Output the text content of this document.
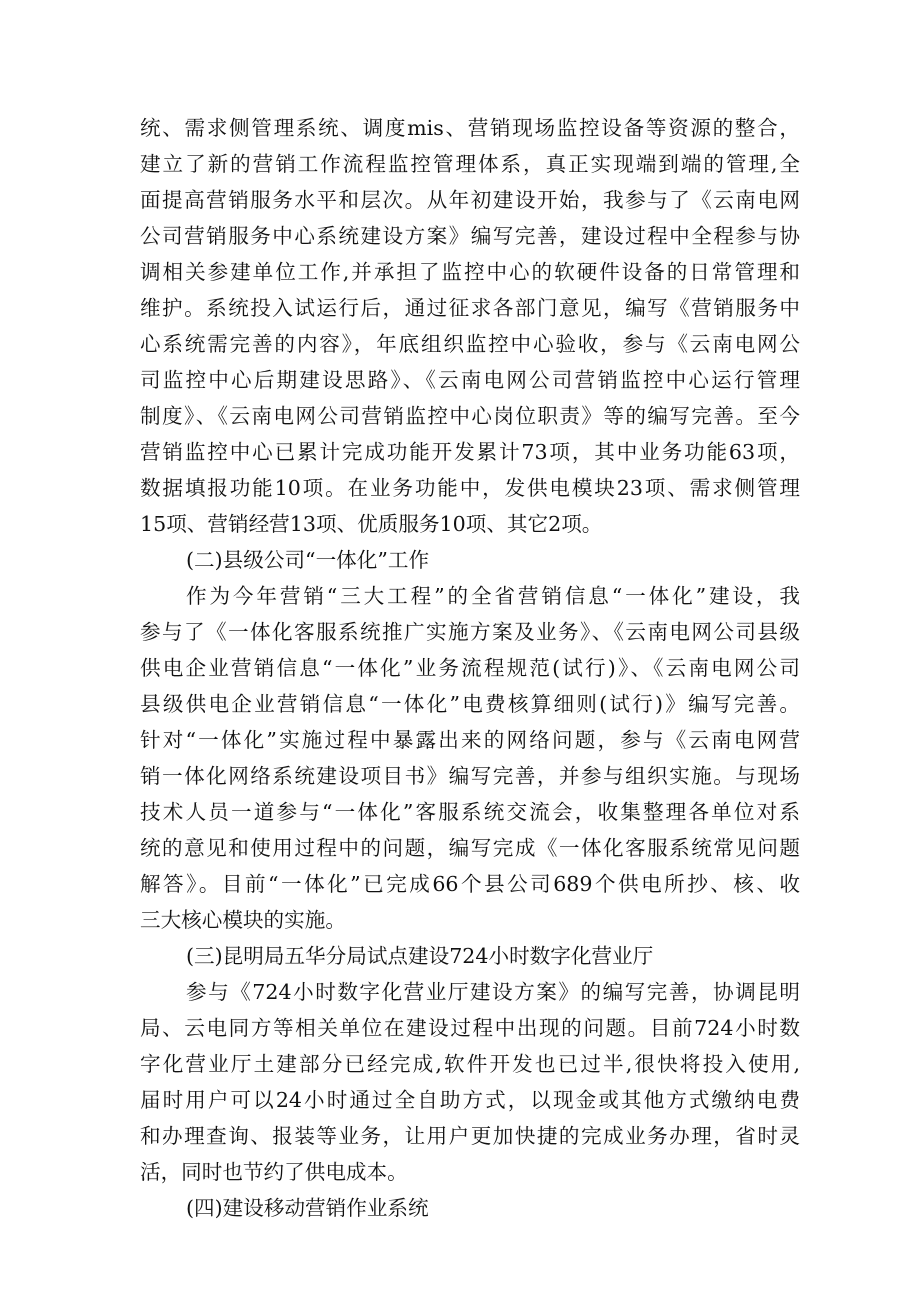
统、需求侧管理系统、调度mis、营销现场监控设备等资源的整合，
建立了新的营销工作流程监控管理体系，真正实现端到端的管理,全
面提高营销服务水平和层次。从年初建设开始，我参与了《云南电网
公司营销服务中心系统建设方案》编写完善，建设过程中全程参与协
调相关参建单位工作,并承担了监控中心的软硬件设备的日常管理和
维护。系统投入试运行后，通过征求各部门意见，编写《营销服务中
心系统需完善的内容》，年底组织监控中心验收，参与《云南电网公
司监控中心后期建设思路》、《云南电网公司营销监控中心运行管理
制度》、《云南电网公司营销监控中心岗位职责》等的编写完善。至今
营销监控中心已累计完成功能开发累计73项，其中业务功能63项，
数据填报功能10项。在业务功能中，发供电模块23项、需求侧管理
15项、营销经营13项、优质服务10项、其它2项。
(二)县级公司“一体化”工作
作为今年营销“三大工程”的全省营销信息“一体化”建设，我
参与了《一体化客服系统推广实施方案及业务》、《云南电网公司县级
供电企业营销信息“一体化”业务流程规范(试行)》、《云南电网公司
县级供电企业营销信息“一体化”电费核算细则(试行)》编写完善。
针对“一体化”实施过程中暴露出来的网络问题，参与《云南电网营
销一体化网络系统建设项目书》编写完善，并参与组织实施。与现场
技术人员一道参与“一体化”客服系统交流会，收集整理各单位对系
统的意见和使用过程中的问题，编写完成《一体化客服系统常见问题
解答》。目前“一体化”已完成66个县公司689个供电所抄、核、收
三大核心模块的实施。
(三)昆明局五华分局试点建设724小时数字化营业厅
参与《724小时数字化营业厅建设方案》的编写完善，协调昆明
局、云电同方等相关单位在建设过程中出现的问题。目前724小时数
字化营业厅土建部分已经完成,软件开发也已过半,很快将投入使用,
届时用户可以24小时通过全自助方式，以现金或其他方式缴纳电费
和办理查询、报装等业务，让用户更加快捷的完成业务办理，省时灵
活，同时也节约了供电成本。
(四)建设移动营销作业系统
